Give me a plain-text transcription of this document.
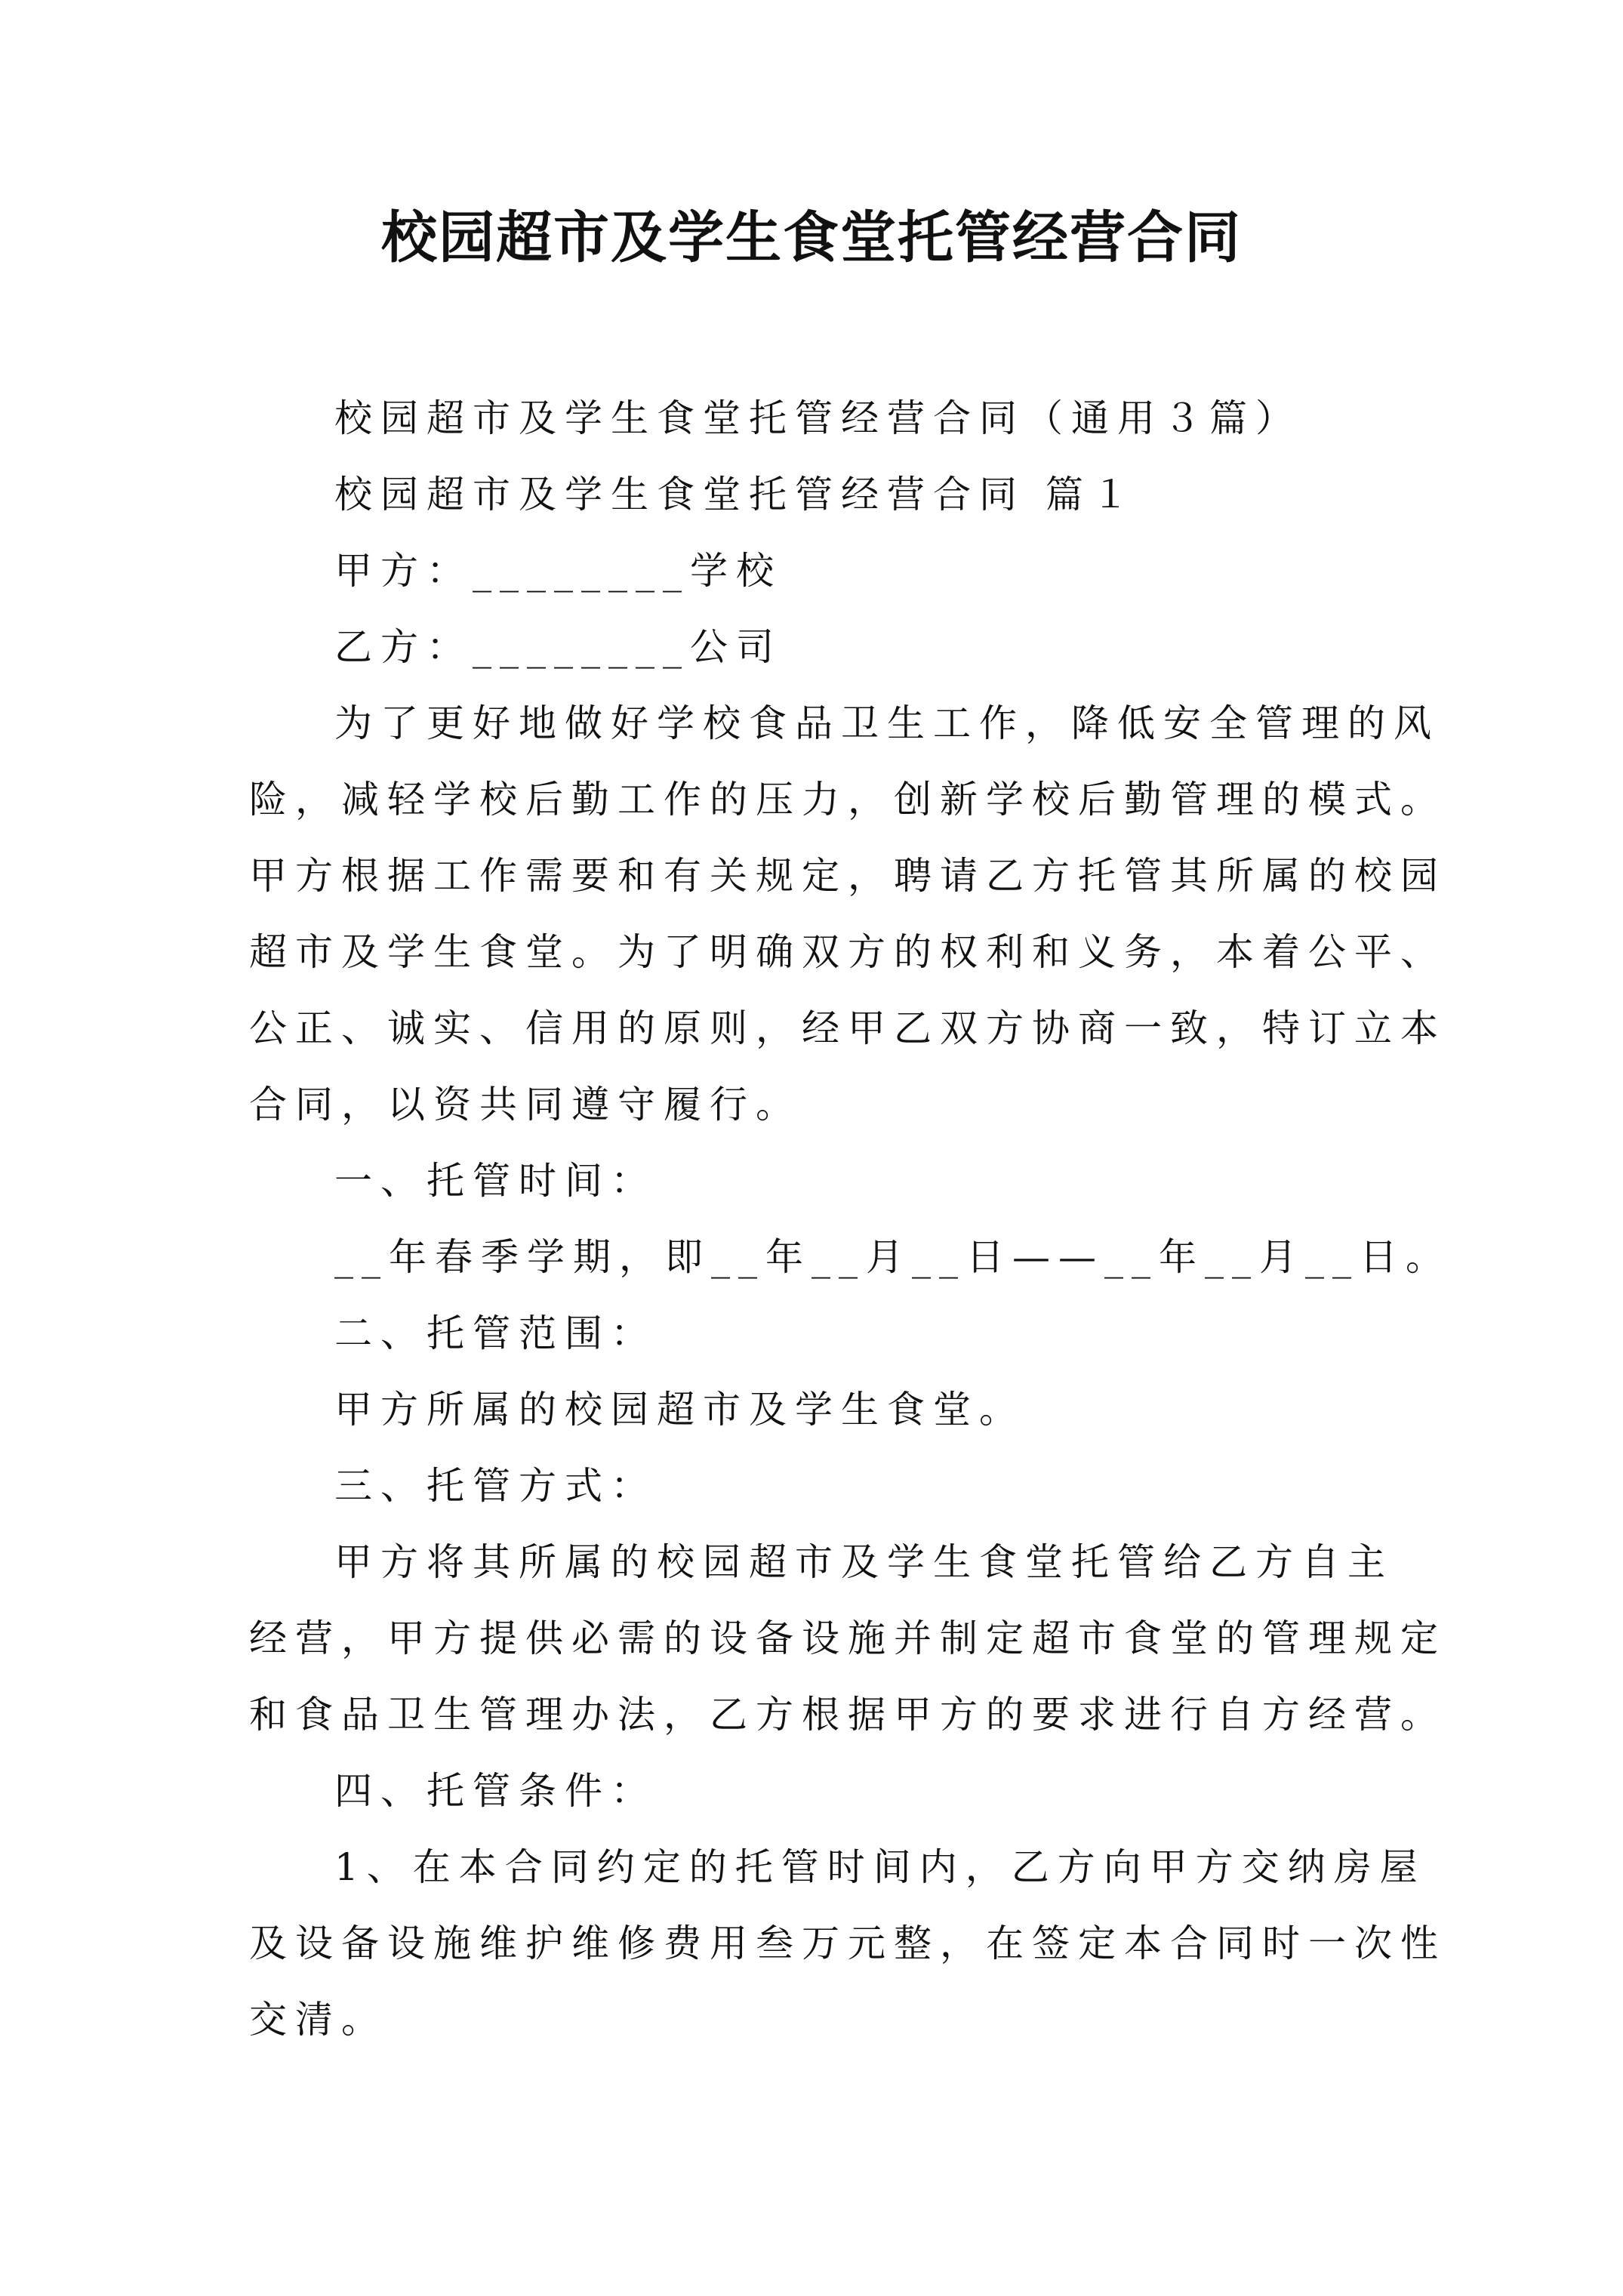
校园超市及学生食堂托管经营合同
校园超市及学生食堂托管经营合同（通用３篇）
校园超市及学生食堂托管经营合同 篇１
甲方：________学校
乙方：________公司
为了更好地做好学校食品卫生工作，降低安全管理的风
险，减轻学校后勤工作的压力，创新学校后勤管理的模式。
甲方根据工作需要和有关规定，聘请乙方托管其所属的校园
超市及学生食堂。为了明确双方的权利和义务，本着公平、
公正、诚实、信用的原则，经甲乙双方协商一致，特订立本
合同，以资共同遵守履行。
一、托管时间：
__年春季学期，即__年__月__日——__年__月__日。
二、托管范围：
甲方所属的校园超市及学生食堂。
三、托管方式：
甲方将其所属的校园超市及学生食堂托管给乙方自主
经营，甲方提供必需的设备设施并制定超市食堂的管理规定
和食品卫生管理办法，乙方根据甲方的要求进行自方经营。
四、托管条件：
1、在本合同约定的托管时间内，乙方向甲方交纳房屋
及设备设施维护维修费用叁万元整，在签定本合同时一次性
交清。
